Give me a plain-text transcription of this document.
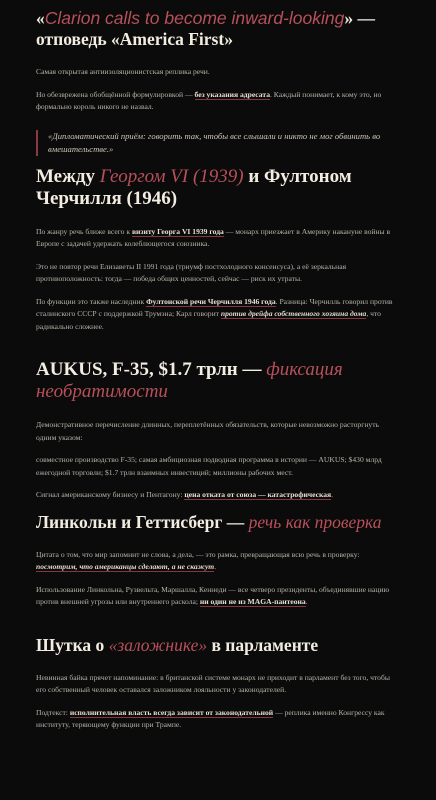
«Clarion calls to become inward-looking» — отповедь «America First»

Самая открытая антиизоляционистская реплика речи.

Но обезврежена обобщённой формулировкой — без указания адресата. Каждый понимает, к кому это, но формально король никого не назвал.

«Дипломатический приём: говорить так, чтобы все слышали и никто не мог обвинить во вмешательстве.»
Между Георгом VI (1939) и Фултоном Черчилля (1946)

По жанру речь ближе всего к визиту Георга VI 1939 года — монарх приезжает в Америку накануне войны в Европе с задачей удержать колеблющегося союзника.

Это не повтор речи Елизаветы II 1991 года (триумф постхолодного консенсуса), а её зеркальная противоположность: тогда — победа общих ценностей, сейчас — риск их утраты.

По функции это также наследник Фултонской речи Черчилля 1946 года. Разница: Черчилль говорил против сталинского СССР с поддержкой Трумэна; Карл говорит против дрейфа собственного хозяина дома, что радикально сложнее.

AUKUS, F-35, $1.7 трлн — фиксация необратимости

Демонстративное перечисление длинных, переплетённых обязательств, которые невозможно расторгнуть одним указом:

совместное производство F-35; самая амбициозная подводная программа в истории — AUKUS; $430 млрд ежегодной торговли; $1.7 трлн взаимных инвестиций; миллионы рабочих мест.

Сигнал американскому бизнесу и Пентагону: цена отката от союза — катастрофическая.

Линкольн и Геттисберг — речь как проверка

Цитата о том, что мир запомнит не слова, а дела, — это рамка, превращающая всю речь в проверку: посмотрим, что американцы сделают, а не скажут.

Использование Линкольна, Рузвельта, Маршалла, Кеннеди — все четверо президенты, объединявшие нацию против внешней угрозы или внутреннего раскола; ни один не из MAGA-пантеона.

Шутка о «заложнике» в парламенте

Невинная байка прячет напоминание: в британской системе монарх не приходит в парламент без того, чтобы его собственный человек оставался заложником лояльности у законодателей.

Подтекст: исполнительная власть всегда зависит от законодательной — реплика именно Конгрессу как институту, теряющему функции при Трампе.
